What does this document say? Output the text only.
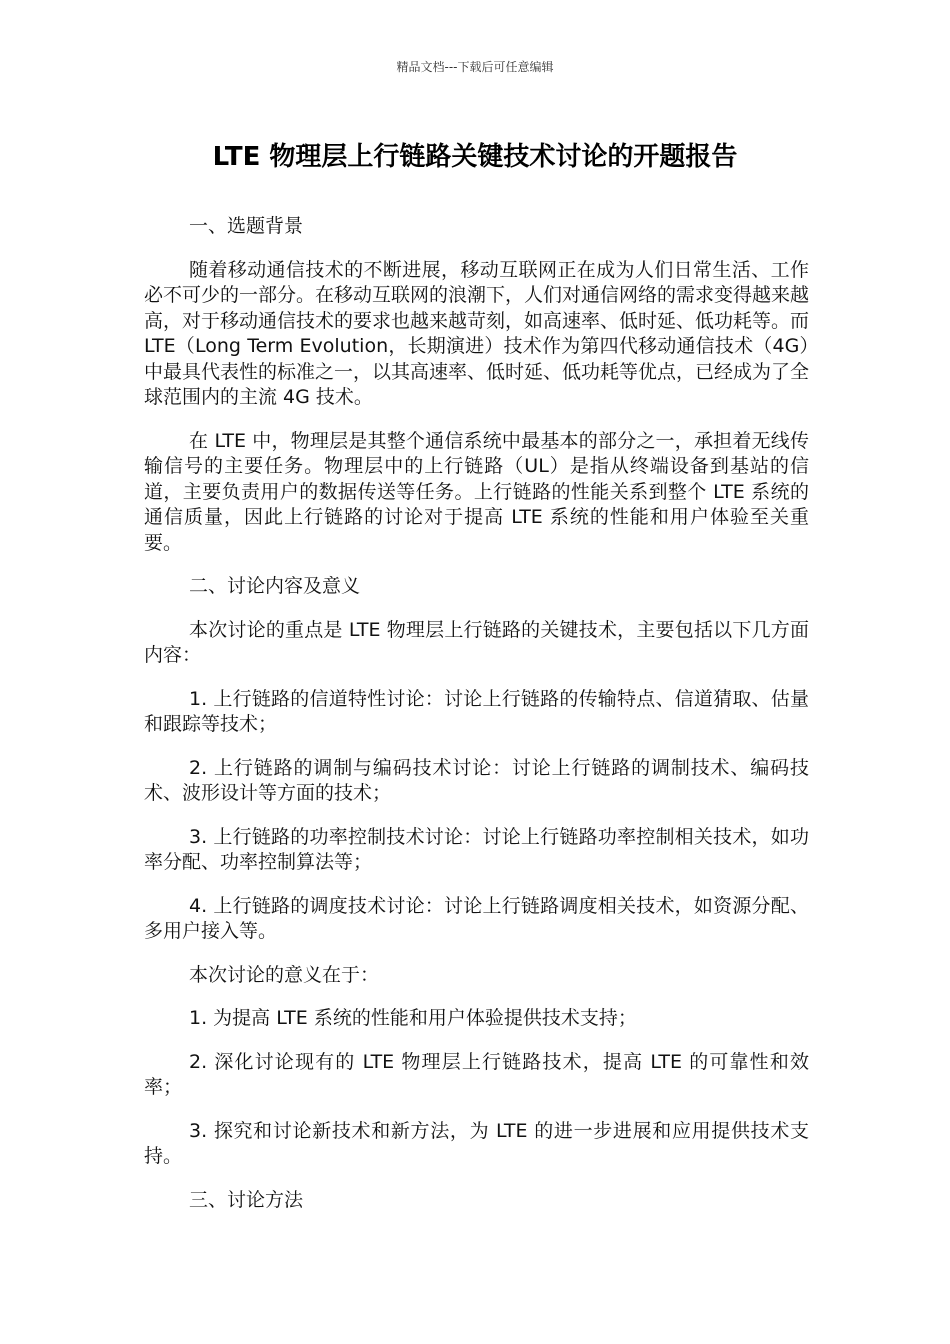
精品文档---下载后可任意编辑
LTE 物理层上行链路关键技术讨论的开题报告

一、选题背景

随着移动通信技术的不断进展，移动互联网正在成为人们日常生活、工作必不可少的一部分。在移动互联网的浪潮下，人们对通信网络的需求变得越来越高，对于移动通信技术的要求也越来越苛刻，如高速率、低时延、低功耗等。而 LTE（Long Term Evolution，长期演进）技术作为第四代移动通信技术（4G）中最具代表性的标准之一，以其高速率、低时延、低功耗等优点，已经成为了全球范围内的主流 4G 技术。

在 LTE 中，物理层是其整个通信系统中最基本的部分之一，承担着无线传输信号的主要任务。物理层中的上行链路（UL）是指从终端设备到基站的信道，主要负责用户的数据传送等任务。上行链路的性能关系到整个 LTE 系统的通信质量，因此上行链路的讨论对于提高 LTE 系统的性能和用户体验至关重要。

二、讨论内容及意义

本次讨论的重点是 LTE 物理层上行链路的关键技术，主要包括以下几方面内容：

1. 上行链路的信道特性讨论：讨论上行链路的传输特点、信道猜取、估量和跟踪等技术；

2. 上行链路的调制与编码技术讨论：讨论上行链路的调制技术、编码技术、波形设计等方面的技术；

3. 上行链路的功率控制技术讨论：讨论上行链路功率控制相关技术，如功率分配、功率控制算法等；

4. 上行链路的调度技术讨论：讨论上行链路调度相关技术，如资源分配、多用户接入等。

本次讨论的意义在于：

1. 为提高 LTE 系统的性能和用户体验提供技术支持；

2. 深化讨论现有的 LTE 物理层上行链路技术，提高 LTE 的可靠性和效率；

3. 探究和讨论新技术和新方法，为 LTE 的进一步进展和应用提供技术支持。

三、讨论方法
